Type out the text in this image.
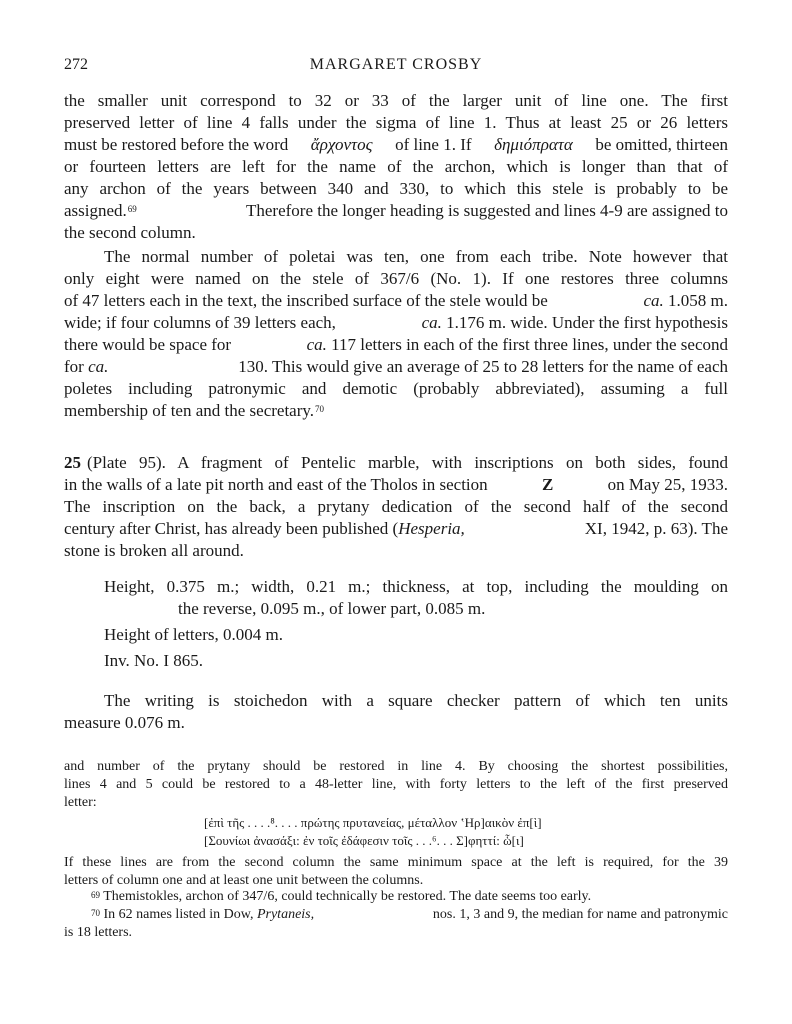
272	MARGARET CROSBY
the smaller unit correspond to 32 or 33 of the larger unit of line one. The first
preserved letter of line 4 falls under the sigma of line 1. Thus at least 25 or 26 letters
must be restored before the word ἄρχοντος of line 1. If δημιόπρατα be omitted, thirteen
or fourteen letters are left for the name of the archon, which is longer than that of
any archon of the years between 340 and 330, to which this stele is probably to be
assigned.$^{69}$	Therefore the longer heading is suggested and lines 4-9 are assigned to
the second column.
The normal number of poletai was ten, one from each tribe. Note however that
only eight were named on the stele of 367/6 (No. 1). If one restores three columns
of 47 letters each in the text, the inscribed surface of the stele would be	ca. 1.058 m.
wide; if four columns of 39 letters each,	ca. 1.176 m. wide. Under the first hypothesis
there would be space for	ca. 117 letters in each of the first three lines, under the second
for ca.	130. This would give an average of 25 to 28 letters for the name of each
poletes including patronymic and demotic (probably abbreviated), assuming a full
membership of ten and the secretary.$^{70}$
25 (Plate 95). A fragment of Pentelic marble, with inscriptions on both sides, found
in the walls of a late pit north and east of the Tholos in section	Z	on May 25, 1933.
The inscription on the back, a prytany dedication of the second half of the second
century after Christ, has already been published (Hesperia,	XI, 1942, p. 63). The
stone is broken all around.
Height, 0.375 m.; width, 0.21 m.; thickness, at top, including the moulding on
the reverse, 0.095 m., of lower part, 0.085 m.
Height of letters, 0.004 m.
Inv. No. I 865.
The writing is stoichedon with a square checker pattern of which ten units
measure 0.076 m.
and number of the prytany should be restored in line 4. By choosing the shortest possibilities,
lines 4 and 5 could be restored to a 48-letter line, with forty letters to the left of the first preserved
letter:
[ἐπὶ τῆς . . . .⁸. . . . πρώτης πρυτανείας, μέταλλον ʽΗρ]αικὸν ἐπ[ὶ]
[Σουνίωι ἀνασάξι: ἐν τοῖς ἐδάφεσιν τοῖς . . .⁶. . . Σ]φηττί: ὧ[ι]
If these lines are from the second column the same minimum space at the left is required, for the 39
letters of column one and at least one unit between the columns.
$^{69}$ Themistokles, archon of 347/6, could technically be restored. The date seems too early.
$^{70}$ In 62 names listed in Dow, Prytaneis,	nos. 1, 3 and 9, the median for name and patronymic
is 18 letters.
